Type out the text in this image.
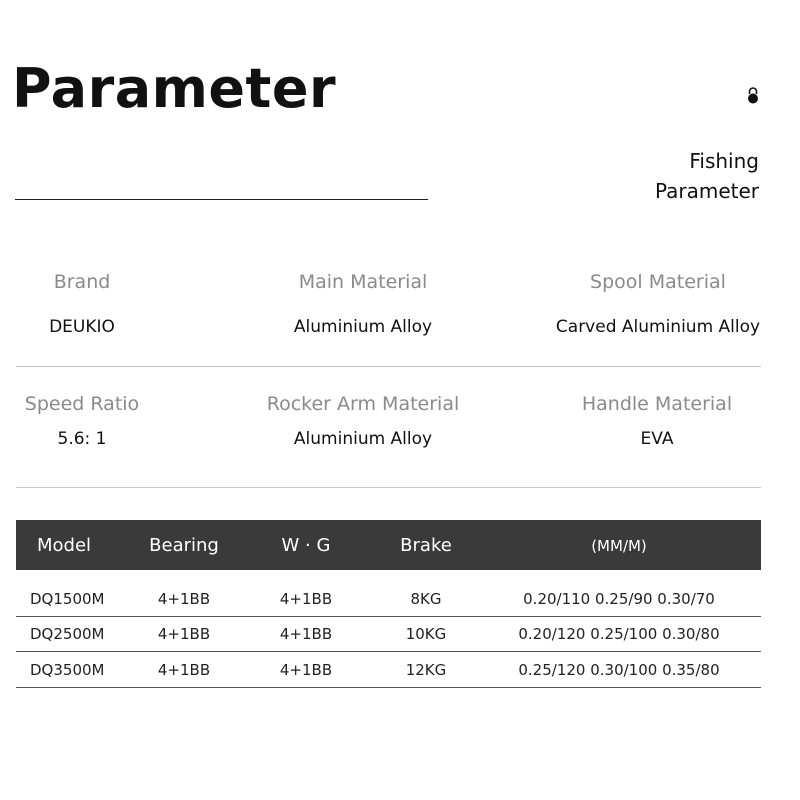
Parameter
Fishing
Parameter
Brand
DEUKIO
Main Material
Aluminium Alloy
Spool Material
Carved Aluminium Alloy
Speed Ratio
5.6: 1
Rocker Arm Material
Aluminium Alloy
Handle Material
EVA
Model	Bearing	W · G	Brake	(MM/M)
DQ1500M	4+1BB	4+1BB	8KG	0.20/110 0.25/90 0.30/70
DQ2500M	4+1BB	4+1BB	10KG	0.20/120 0.25/100 0.30/80
DQ3500M	4+1BB	4+1BB	12KG	0.25/120 0.30/100 0.35/80
